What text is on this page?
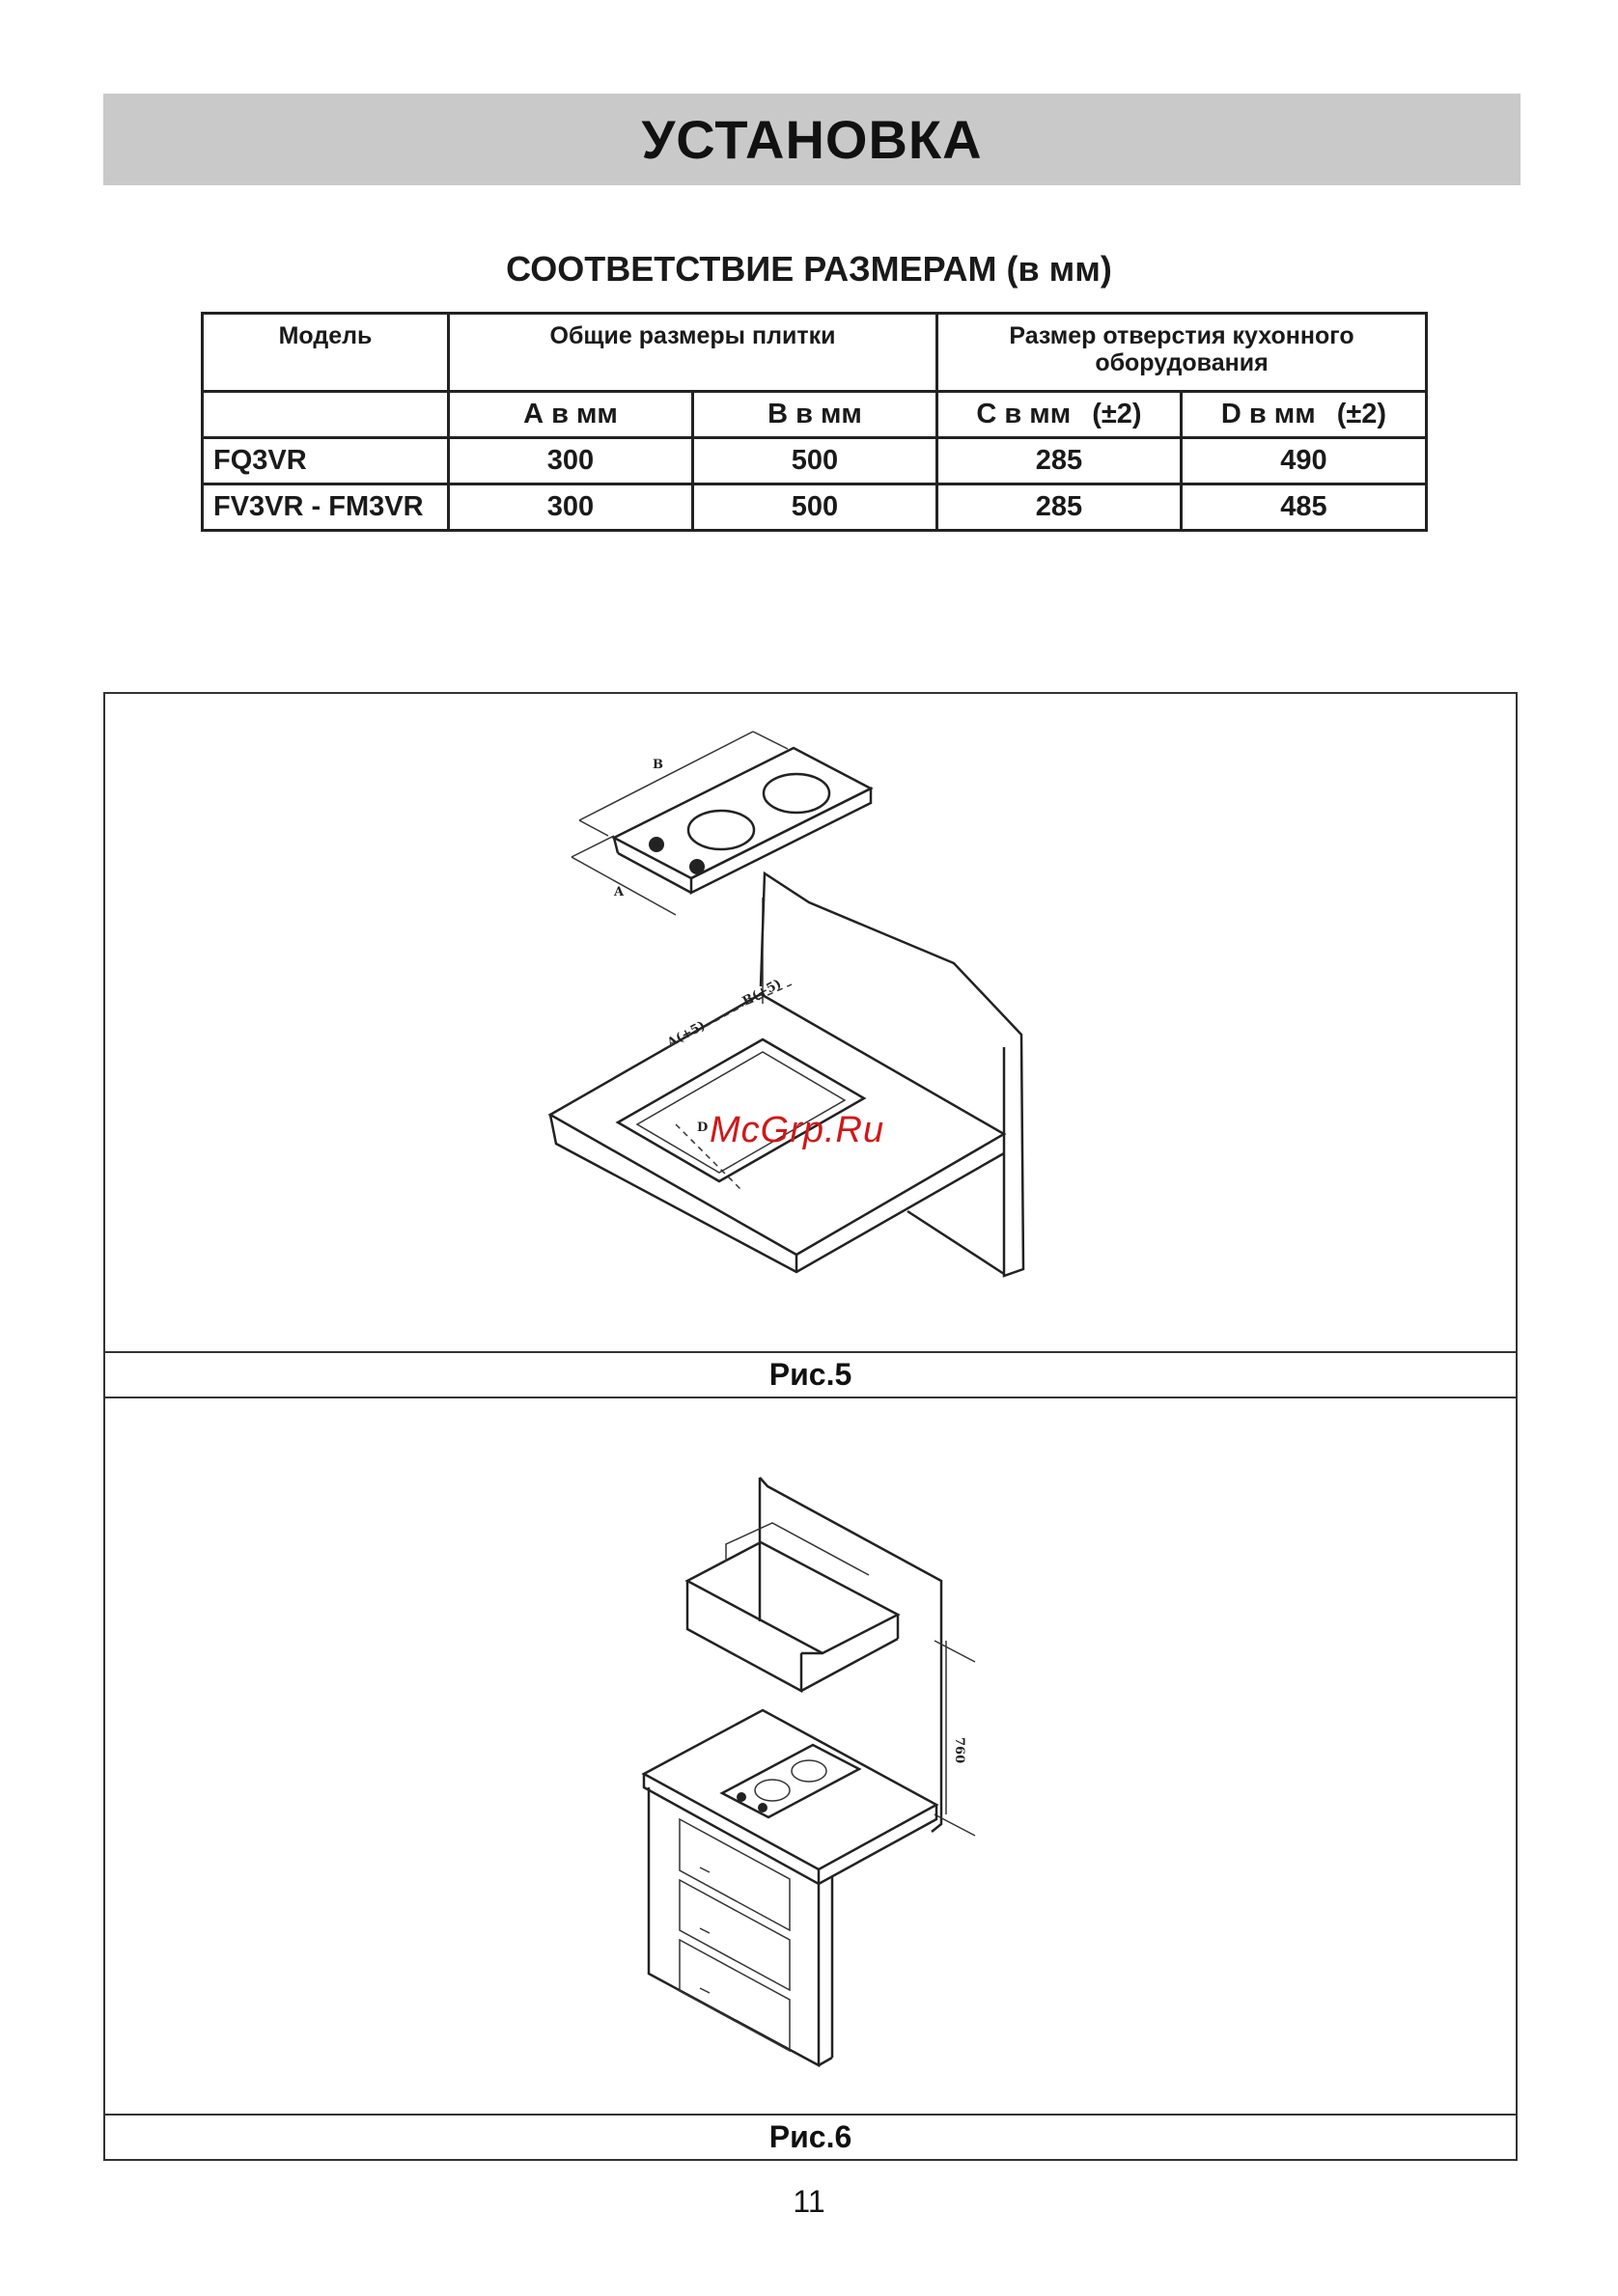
УСТАНОВКА
СООТВЕТСТВИЕ РАЗМЕРАМ (в мм)
Модель	Общие размеры плитки		Размер отверстия кухонного оборудования	
	А в мм	В в мм	С в мм (±2)	D в мм (±2)
FQ3VR	300	500	285	490
FV3VR - FM3VR	300	500	285	485
Рис.5
Рис.6
B
A
A(+5)
B(+5)
D
760
McGrp.Ru
11
